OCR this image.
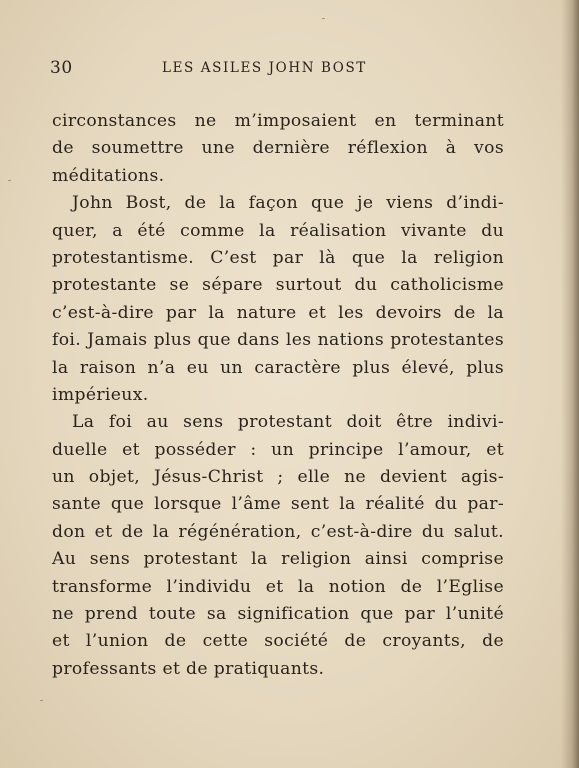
30	LES ASILES JOHN BOST
circonstances ne m’imposaient en terminant
de soumettre une dernière réflexion à vos
méditations.
John Bost, de la façon que je viens d’indi-
quer, a été comme la réalisation vivante du
protestantisme. C’est par là que la religion
protestante se sépare surtout du catholicisme
c’est-à-dire par la nature et les devoirs de la
foi. Jamais plus que dans les nations protestantes
la raison n’a eu un caractère plus élevé, plus
impérieux.
La foi au sens protestant doit être indivi-
duelle et posséder : un principe l’amour, et
un objet, Jésus-Christ ; elle ne devient agis-
sante que lorsque l’âme sent la réalité du par-
don et de la régénération, c’est-à-dire du salut.
Au sens protestant la religion ainsi comprise
transforme l’individu et la notion de l’Eglise
ne prend toute sa signification que par l’unité
et l’union de cette société de croyants, de
professants et de pratiquants.
